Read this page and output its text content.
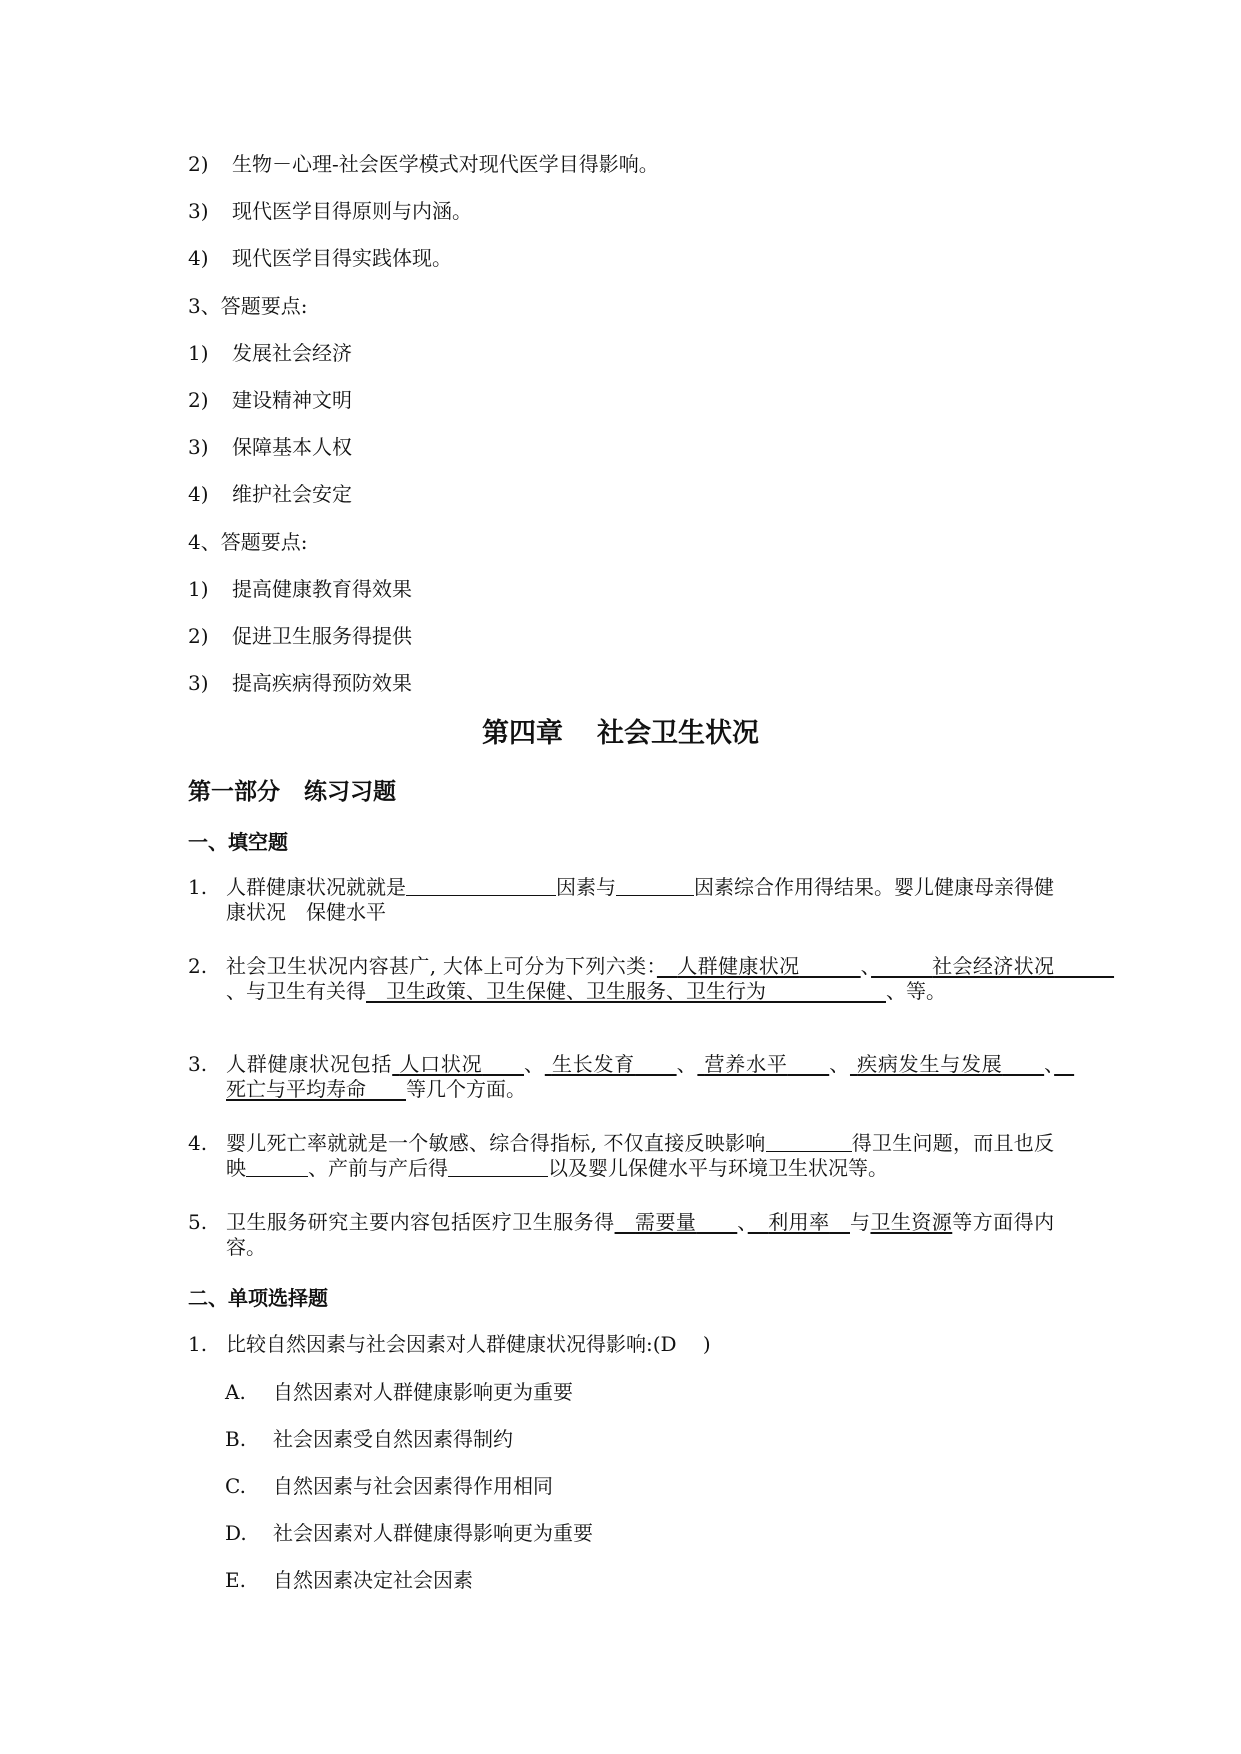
2) 生物－心理-社会医学模式对现代医学目得影响。
3) 现代医学目得原则与内涵。
4) 现代医学目得实践体现。
3、答题要点:
1) 发展社会经济
2) 建设精神文明
3) 保障基本人权
4) 维护社会安定
4、答题要点:
1) 提高健康教育得效果
2) 促进卫生服务得提供
3) 提高疾病得预防效果
第四章 社会卫生状况
第一部分 练习习题
一、填空题
1. 人群健康状况就就是	因素与	因素综合作用得结果。婴儿健康母亲得健康状况　保健水平
2. 社会卫生状况内容甚广, 大体上可分为下列六类：　 人群健康状况　　　	、　　　	社会经济状况　　　、与卫生有关得　 卫生政策、卫生保健、卫生服务、卫生行为　　　　　　	、等。
3. 人群健康状况包括 人口状况　　 、 生长发育　　 、 营养水平　　 、 疾病发生与发展　　 、　死亡与平均寿命　　 等几个方面。
4. 婴儿死亡率就就是一个敏感、综合得指标, 不仅直接反映影响	得卫生问题，而且也反映	、产前与产后得	以及婴儿保健水平与环境卫生状况等。
5. 卫生服务研究主要内容包括医疗卫生服务得　 需要量　　 、　 利用率　 与卫生资源等方面得内容。
二、单项选择题
1. 比较自然因素与社会因素对人群健康状况得影响:(D　 )
A. 自然因素对人群健康影响更为重要
B. 社会因素受自然因素得制约
C. 自然因素与社会因素得作用相同
D. 社会因素对人群健康得影响更为重要
E. 自然因素决定社会因素
